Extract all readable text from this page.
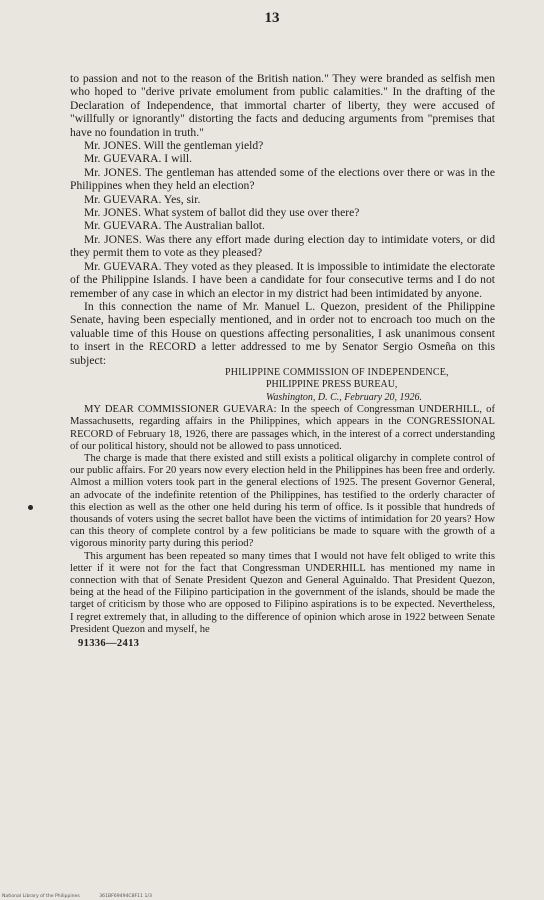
13

to passion and not to the reason of the British nation." They were branded as selfish men who hoped to "derive private emolument from public calamities." In the drafting of the Declaration of Independence, that immortal charter of liberty, they were accused of "willfully or ignorantly" distorting the facts and deducing arguments from "premises that have no foundation in truth."

Mr. JONES. Will the gentleman yield?

Mr. GUEVARA. I will.

Mr. JONES. The gentleman has attended some of the elections over there or was in the Philippines when they held an election?

Mr. GUEVARA. Yes, sir.

Mr. JONES. What system of ballot did they use over there?

Mr. GUEVARA. The Australian ballot.

Mr. JONES. Was there any effort made during election day to intimidate voters, or did they permit them to vote as they pleased?

Mr. GUEVARA. They voted as they pleased. It is impossible to intimidate the electorate of the Philippine Islands. I have been a candidate for four consecutive terms and I do not remember of any case in which an elector in my district had been intimidated by anyone.

In this connection the name of Mr. Manuel L. Quezon, president of the Philippine Senate, having been especially mentioned, and in order not to encroach too much on the valuable time of this House on questions affecting personalities, I ask unanimous consent to insert in the RECORD a letter addressed to me by Senator Sergio Osmeña on this subject:

PHILIPPINE COMMISSION OF INDEPENDENCE,
PHILIPPINE PRESS BUREAU,
Washington, D. C., February 20, 1926.

MY DEAR COMMISSIONER GUEVARA: In the speech of Congressman UNDERHILL, of Massachusetts, regarding affairs in the Philippines, which appears in the CONGRESSIONAL RECORD of February 18, 1926, there are passages which, in the interest of a correct understanding of our political history, should not be allowed to pass unnoticed.

The charge is made that there existed and still exists a political oligarchy in complete control of our public affairs. For 20 years now every election held in the Philippines has been free and orderly. Almost a million voters took part in the general elections of 1925. The present Governor General, an advocate of the indefinite retention of the Philippines, has testified to the orderly character of this election as well as the other one held during his term of office. Is it possible that hundreds of thousands of voters using the secret ballot have been the victims of intimidation for 20 years? How can this theory of complete control by a few politicians be made to square with the growth of a vigorous minority party during this period?

This argument has been repeated so many times that I would not have felt obliged to write this letter if it were not for the fact that Congressman UNDERHILL has mentioned my name in connection with that of Senate President Quezon and General Aguinaldo. That President Quezon, being at the head of the Filipino participation in the government of the islands, should be made the target of criticism by those who are opposed to Filipino aspirations is to be expected. Nevertheless, I regret extremely that, in alluding to the difference of opinion which arose in 1922 between Senate President Quezon and myself, he

91336—2413
National Library of the Philippines	361BF69494C8F11 1/3
